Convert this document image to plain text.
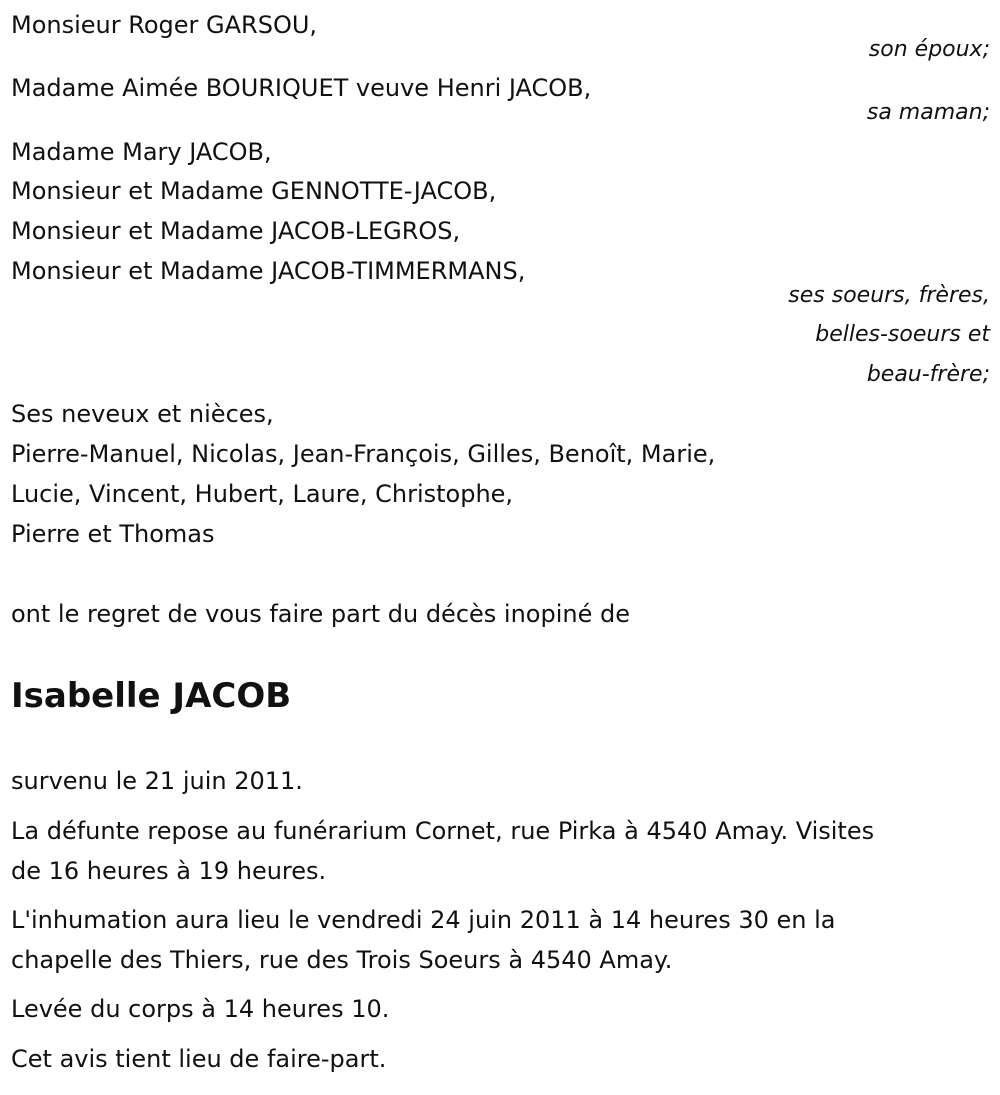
Monsieur Roger GARSOU,
son époux;
Madame Aimée BOURIQUET veuve Henri JACOB,
sa maman;
Madame Mary JACOB,
Monsieur et Madame GENNOTTE-JACOB,
Monsieur et Madame JACOB-LEGROS,
Monsieur et Madame JACOB-TIMMERMANS,
ses soeurs, frères,
belles-soeurs et
beau-frère;
Ses neveux et nièces,
Pierre-Manuel, Nicolas, Jean-François, Gilles, Benoît, Marie,
Lucie, Vincent, Hubert, Laure, Christophe,
Pierre et Thomas
ont le regret de vous faire part du décès inopiné de
Isabelle JACOB
survenu le 21 juin 2011.
La défunte repose au funérarium Cornet, rue Pirka à 4540 Amay. Visites
de 16 heures à 19 heures.
L'inhumation aura lieu le vendredi 24 juin 2011 à 14 heures 30 en la
chapelle des Thiers, rue des Trois Soeurs à 4540 Amay.
Levée du corps à 14 heures 10.
Cet avis tient lieu de faire-part.
